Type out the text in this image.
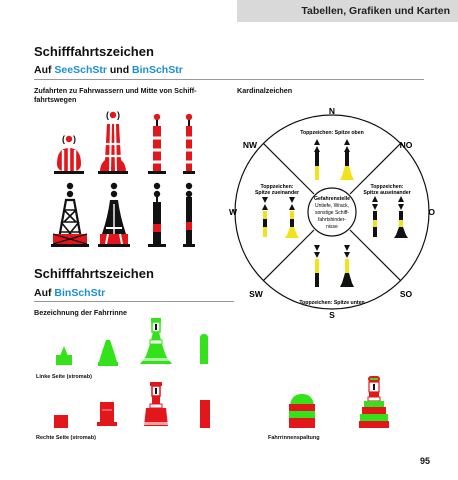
Tabellen, Grafiken und Karten
Schifffahrtszeichen
Auf SeeSchStr und BinSchStr
Zufahrten zu Fahrwassern und Mitte von Schiff-
fahrtswegen
Kardinalzeichen
( )
( )	N
S
W	O
NW	NO
SW	SO
Toppzeichen: Spitze oben
Toppzeichen: Spitze unten
Toppzeichen:
Spitze zueinander
Toppzeichen:
Spitze auseinander
Gefahrenstelle
Untiefe, Wrack,
sonstige Schiff-
fahrtshinder-
nisse
Schifffahrtszeichen
Auf BinSchStr
Bezeichnung der Fahrrinne
Linke Seite (stromab)
Rechte Seite (stromab)	Fahrrinnenspaltung
95
